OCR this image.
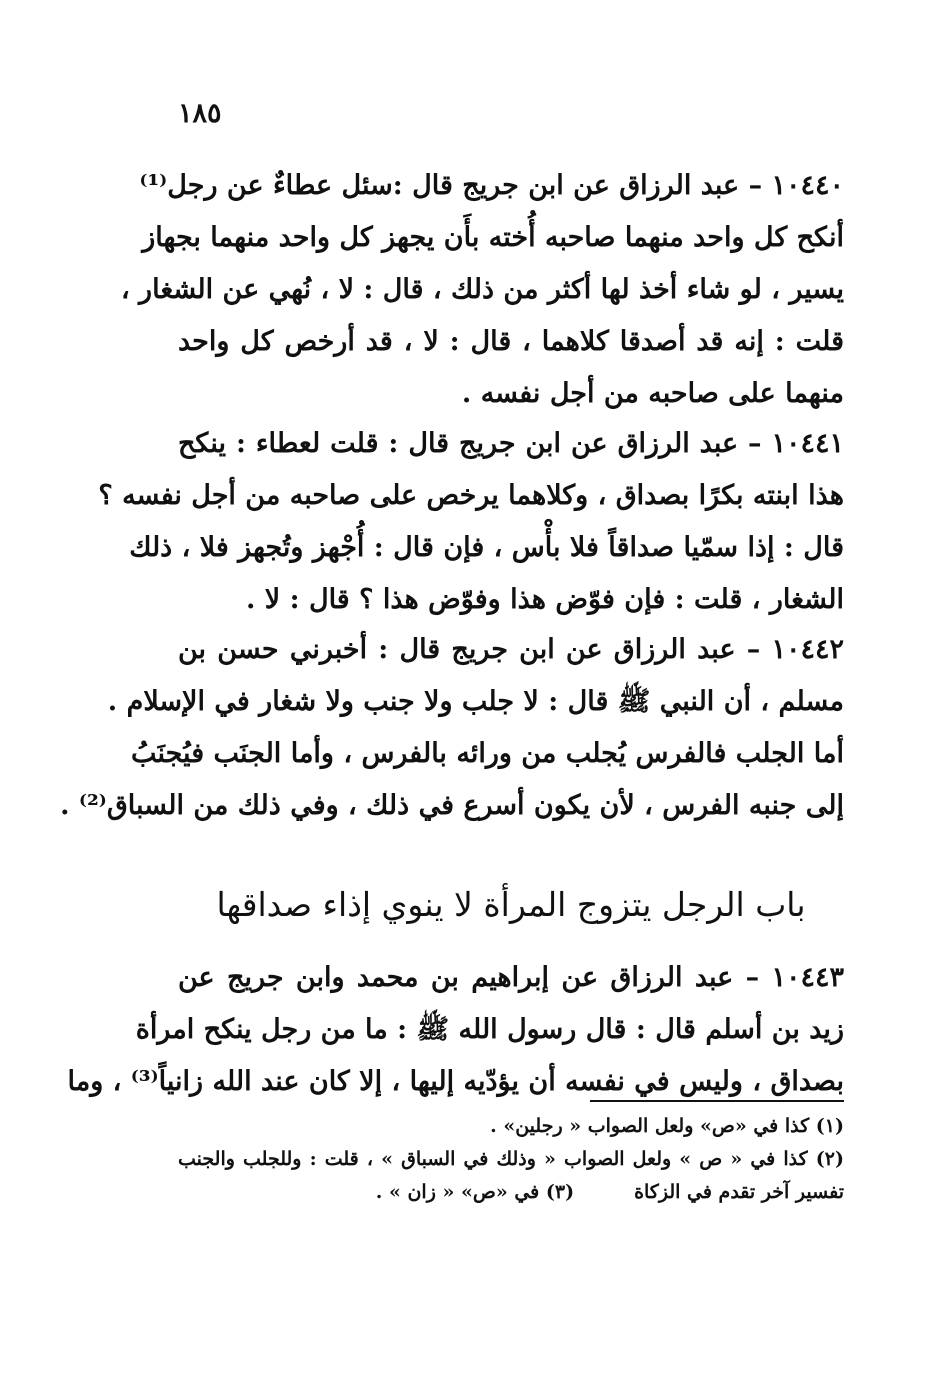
١٨٥
١٠٤٤٠ – عبد الرزاق عن ابن جريج قال :سئل عطاءٌ عن رجل⁽¹⁾
أنكح كل واحد منهما صاحبه أُخته بأَن يجهز كل واحد منهما بجهاز
يسير ، لو شاء أخذ لها أكثر من ذلك ، قال : لا ، نُهي عن الشغار ،
قلت : إنه قد أصدقا كلاهما ، قال : لا ، قد أرخص كل واحد
منهما على صاحبه من أجل نفسه .
١٠٤٤١ – عبد الرزاق عن ابن جريج قال : قلت لعطاء : ينكح
هذا ابنته بكرًا بصداق ، وكلاهما يرخص على صاحبه من أجل نفسه ؟
قال : إذا سمّيا صداقاً فلا بأْس ، فإن قال : أُجْهز وتُجهز فلا ، ذلك
الشغار ، قلت : فإن فوّض هذا وفوّض هذا ؟ قال : لا .
١٠٤٤٢ – عبد الرزاق عن ابن جريج قال : أخبرني حسن بن
مسلم ، أن النبي ﷺ قال : لا جلب ولا جنب ولا شغار في الإسلام .
أما الجلب فالفرس يُجلب من ورائه بالفرس ، وأما الجنَب فيُجنَبُ
إلى جنبه الفرس ، لأن يكون أسرع في ذلك ، وفي ذلك من السباق⁽²⁾ .
باب الرجل يتزوج المرأة لا ينوي إذاء صداقها
١٠٤٤٣ – عبد الرزاق عن إبراهيم بن محمد وابن جريج عن
زيد بن أسلم قال : قال رسول الله ﷺ : ما من رجل ينكح امرأة
بصداق ، وليس في نفسه أن يؤدّيه إليها ، إلا كان عند الله زانياً⁽³⁾ ، وما
(١) كذا في «ص» ولعل الصواب « رجلين» .
(٢) كذا في « ص » ولعل الصواب « وذلك في السباق » ، قلت : وللجلب والجنب
تفسير آخر تقدم في الزكاة
(٣) في «ص» « زان » .
